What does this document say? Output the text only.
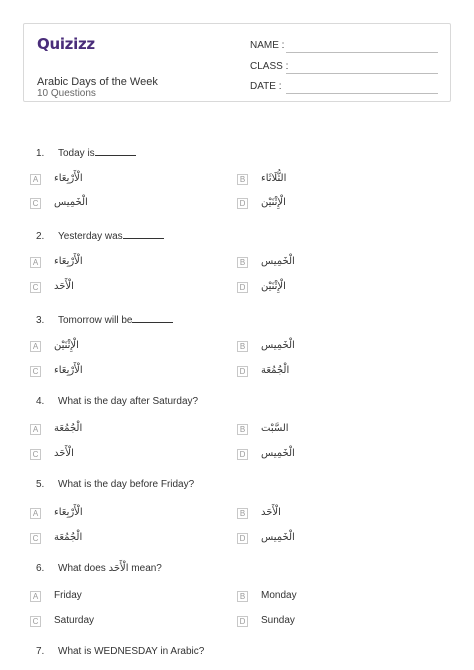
Quizizz
Arabic Days of the Week
10 Questions
NAME :
CLASS :
DATE :
1. Today is
A الْأَرْبِعَاء	B الثُّلَاثَاء
C الْخَمِيس	D الْإِثْنَيْن
2. Yesterday was
A الْأَرْبِعَاء	B الْخَمِيس
C الْأَحَد	D الْإِثْنَيْن
3. Tomorrow will be
A الْإِثْنَيْن	B الْخَمِيس
C الْأَرْبِعَاء	D الْجُمُعَة
4. What is the day after Saturday?
A الْجُمُعَة	B السَّبْت
C الْأَحَد	D الْخَمِيس
5. What is the day before Friday?
A الْأَرْبِعَاء	B الْأَحَد
C الْجُمُعَة	D الْخَمِيس
6. What does الْأَحَد mean?
A Friday	B Monday
C Saturday	D Sunday
7. What is WEDNESDAY in Arabic?
